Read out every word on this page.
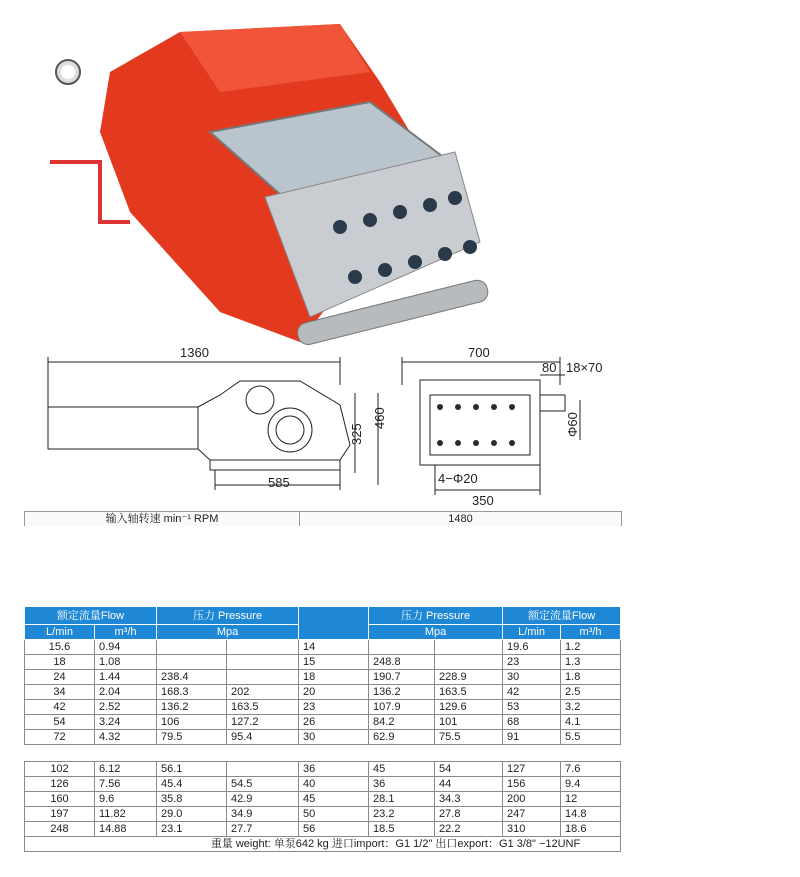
1360
585
325
460
700
80 18×70
Φ60
4−Φ20
350
输入轴转速 min⁻¹ RPM	1480
额定流量Flow		压力 Pressure			压力 Pressure		额定流量Flow	
L/min	m³/h	Mpa			Mpa		L/min	m³/h
15.6	0.94			14			19.6	1.2
18	1.08			15	248.8		23	1.3
24	1.44	238.4		18	190.7	228.9	30	1.8
34	2.04	168.3	202	20	136.2	163.5	42	2.5
42	2.52	136.2	163.5	23	107.9	129.6	53	3.2
54	3.24	106	127.2	26	84.2	101	68	4.1
72	4.32	79.5	95.4	30	62.9	75.5	91	5.5

102	6.12	56.1		36	45	54	127	7.6
126	7.56	45.4	54.5	40	36	44	156	9.4
160	9.6	35.8	42.9	45	28.1	34.3	200	12
197	11.82	29.0	34.9	50	23.2	27.8	247	14.8
248	14.88	23.1	27.7	56	18.5	22.2	310	18.6
重量 weight: 单泵642 kg 进口import：G1 1/2" 出口export：G1 3/8" −12UNF								
